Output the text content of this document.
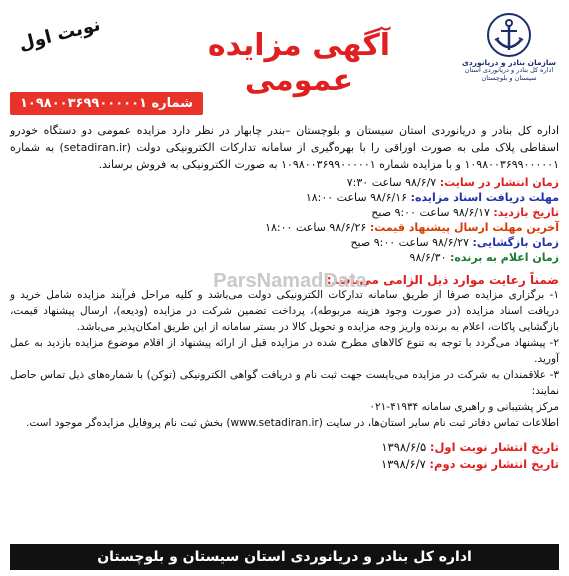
سازمان بنادر و دریانوردی
اداره کل بنادر و دریانوردی استان سیستان و بلوچستان
آگهی مزایده عمومی
نوبت اول
شماره ۱۰۹۸۰۰۳۶۹۹۰۰۰۰۰۱
اداره کل بنادر و دریانوردی استان سیستان و بلوچستان –بندر چابهار در نظر دارد مزایده عمومی دو دستگاه خودرو اسقاطی پلاک ملی به صورت اوراقی را با بهره‌گیری از سامانه تدارکات الکترونیکی دولت (setadiran.ir) به شماره ۱۰۹۸۰۰۳۶۹۹۰۰۰۰۰۱ و با مزایده شماره ۱۰۹۸۰۰۳۶۹۹۰۰۰۰۰۱ به صورت الکترونیکی به فروش برساند.
زمان انتشار در سایت: ۹۸/۶/۷ ساعت ۷:۳۰
مهلت دریافت اسناد مزایده: ۹۸/۶/۱۶ ساعت ۱۸:۰۰
تاریخ بازدید: ۹۸/۶/۱۷ ساعت ۹:۰۰ صبح
آخرین مهلت ارسال پیشنهاد قیمت: ۹۸/۶/۲۶ ساعت ۱۸:۰۰
زمان بازگشایی: ۹۸/۶/۲۷ ساعت ۹:۰۰ صبح
زمان اعلام به برنده: ۹۸/۶/۳۰
ParsNamadData
ضمناً رعایت موارد ذیل الزامی می‌باشد:
۱- برگزاری مزایده صرفا از طریق سامانه تدارکات الکترونیکی دولت می‌باشد و کلیه مراحل فرآیند مزایده شامل خرید و دریافت اسناد مزایده (در صورت وجود هزینه مربوطه)، پرداخت تضمین شرکت در مزایده (ودیعه)، ارسال پیشنهاد قیمت، بازگشایی پاکات، اعلام به برنده واریز وجه مزایده و تحویل کالا در بستر سامانه از این طریق امکان‌پذیر می‌باشد.
۲- پیشنهاد می‌گردد با توجه به تنوع کالاهای مطرح شده در مزایده قبل از ارائه پیشنهاد از اقلام موضوع مزایده بازدید به عمل آورید.
۳- علاقمندان به شرکت در مزایده می‌بایست جهت ثبت نام و دریافت گواهی الکترونیکی (توکن) با شماره‌های ذیل تماس حاصل نمایند:
مرکز پشتیبانی و راهبری سامانه ۴۱۹۳۴-۰۲۱
اطلاعات تماس دفاتر ثبت نام سایر استان‌ها، در سایت (www.setadiran.ir) بخش ثبت نام پروفایل مزایده‌گر موجود است.
تاریخ انتشار نوبت اول: ۱۳۹۸/۶/۵
تاریخ انتشار نوبت دوم: ۱۳۹۸/۶/۷
اداره کل بنادر و دریانوردی استان سیستان و بلوچستان
